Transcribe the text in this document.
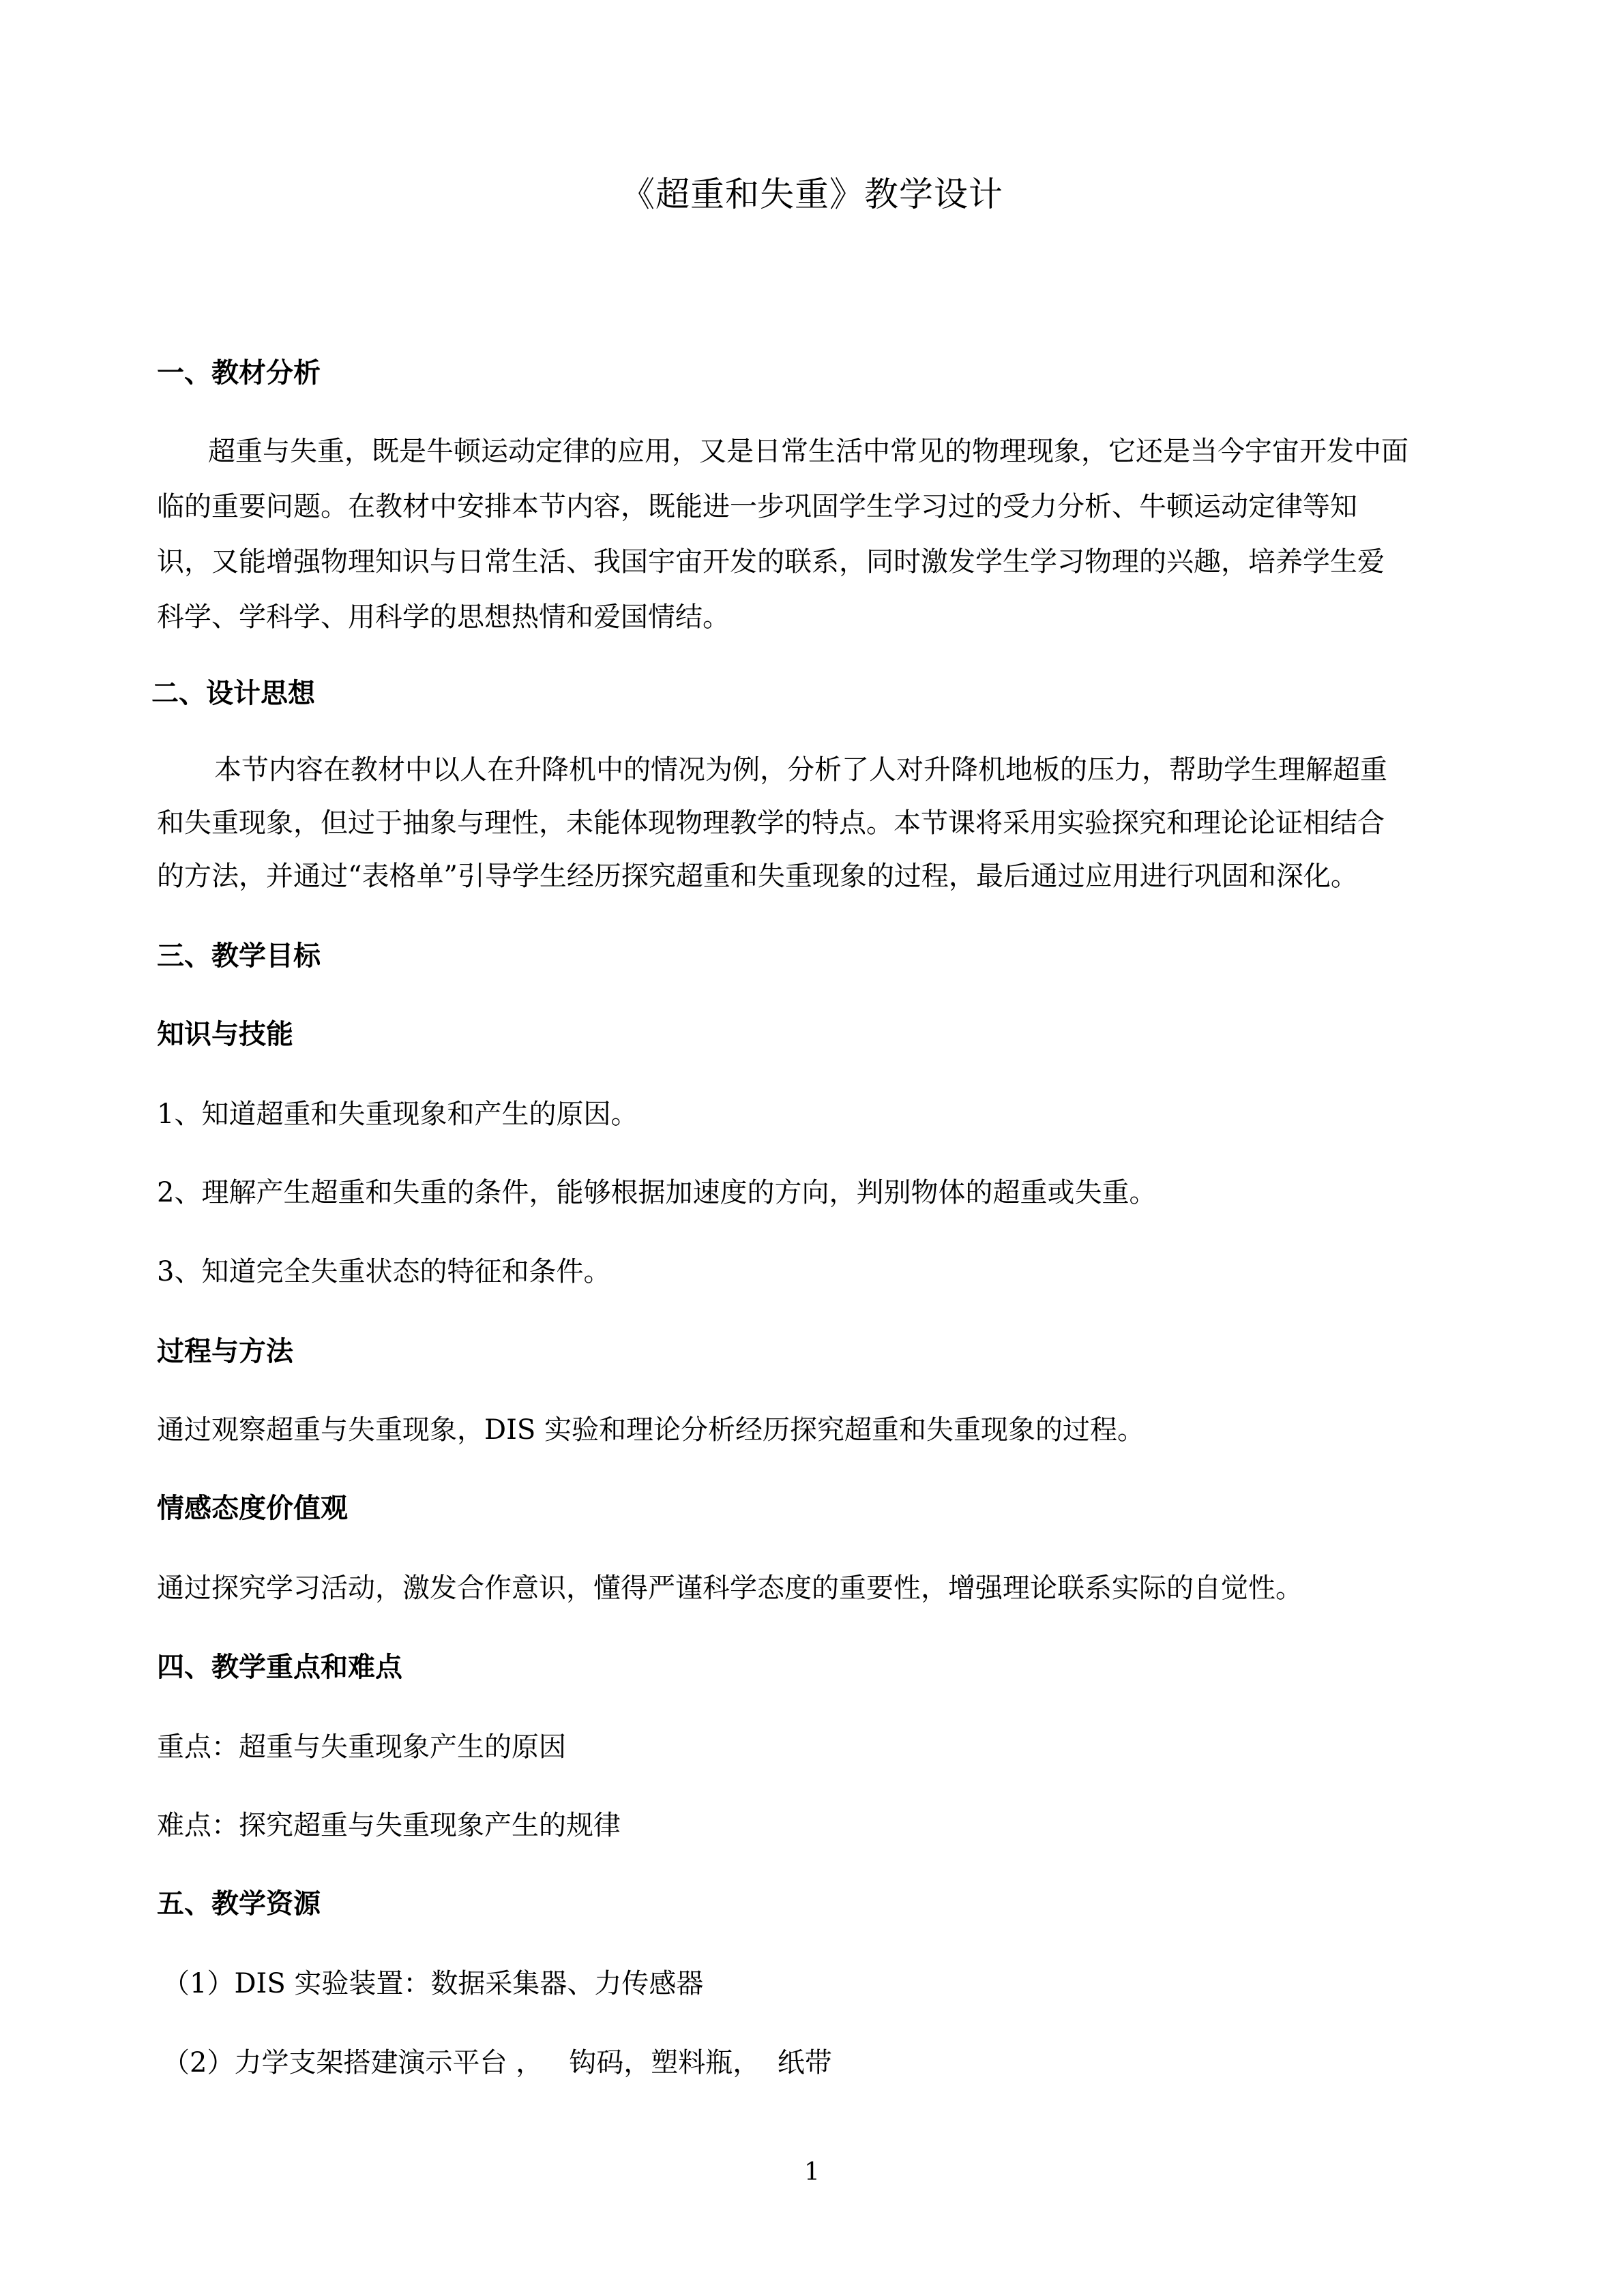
《超重和失重》教学设计
一、教材分析
超重与失重，既是牛顿运动定律的应用，又是日常生活中常见的物理现象，它还是当今宇宙开发中面
临的重要问题。在教材中安排本节内容，既能进一步巩固学生学习过的受力分析、牛顿运动定律等知
识，又能增强物理知识与日常生活、我国宇宙开发的联系，同时激发学生学习物理的兴趣，培养学生爱
科学、学科学、用科学的思想热情和爱国情结。
二、设计思想
本节内容在教材中以人在升降机中的情况为例，分析了人对升降机地板的压力，帮助学生理解超重
和失重现象，但过于抽象与理性，未能体现物理教学的特点。本节课将采用实验探究和理论论证相结合
的方法，并通过“表格单”引导学生经历探究超重和失重现象的过程，最后通过应用进行巩固和深化。
三、教学目标
知识与技能
1、知道超重和失重现象和产生的原因。
2、理解产生超重和失重的条件，能够根据加速度的方向，判别物体的超重或失重。
3、知道完全失重状态的特征和条件。
过程与方法
通过观察超重与失重现象，DIS 实验和理论分析经历探究超重和失重现象的过程。
情感态度价值观
通过探究学习活动，激发合作意识，懂得严谨科学态度的重要性，增强理论联系实际的自觉性。
四、教学重点和难点
重点：超重与失重现象产生的原因
难点：探究超重与失重现象产生的规律
五、教学资源
（1）DIS 实验装置：数据采集器、力传感器
（2）力学支架搭建演示平台 ，   钩码，塑料瓶，  纸带
1
